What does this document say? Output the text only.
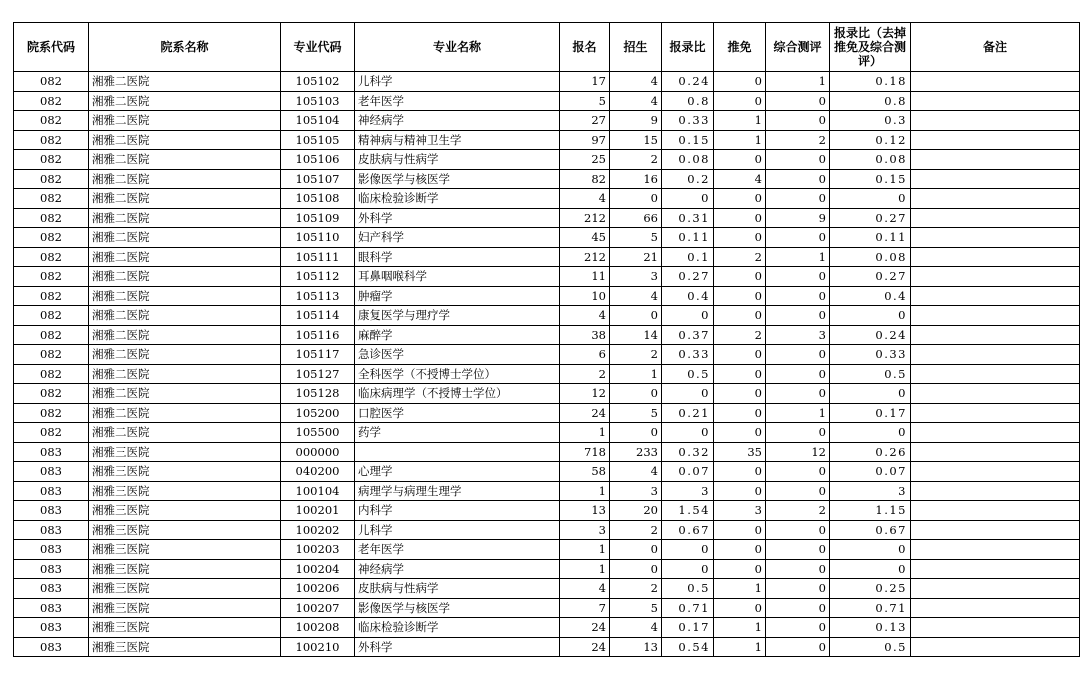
院系代码	院系名称	专业代码	专业名称	报名	招生	报录比	推免	综合测评	报录比（去掉推免及综合测评）	备注
082	湘雅二医院	105102	儿科学	17	4	0.24	0	1	0.18	
082	湘雅二医院	105103	老年医学	5	4	0.8	0	0	0.8	
082	湘雅二医院	105104	神经病学	27	9	0.33	1	0	0.3	
082	湘雅二医院	105105	精神病与精神卫生学	97	15	0.15	1	2	0.12	
082	湘雅二医院	105106	皮肤病与性病学	25	2	0.08	0	0	0.08	
082	湘雅二医院	105107	影像医学与核医学	82	16	0.2	4	0	0.15	
082	湘雅二医院	105108	临床检验诊断学	4	0	0	0	0	0	
082	湘雅二医院	105109	外科学	212	66	0.31	0	9	0.27	
082	湘雅二医院	105110	妇产科学	45	5	0.11	0	0	0.11	
082	湘雅二医院	105111	眼科学	212	21	0.1	2	1	0.08	
082	湘雅二医院	105112	耳鼻咽喉科学	11	3	0.27	0	0	0.27	
082	湘雅二医院	105113	肿瘤学	10	4	0.4	0	0	0.4	
082	湘雅二医院	105114	康复医学与理疗学	4	0	0	0	0	0	
082	湘雅二医院	105116	麻醉学	38	14	0.37	2	3	0.24	
082	湘雅二医院	105117	急诊医学	6	2	0.33	0	0	0.33	
082	湘雅二医院	105127	全科医学（不授博士学位）	2	1	0.5	0	0	0.5	
082	湘雅二医院	105128	临床病理学（不授博士学位）	12	0	0	0	0	0	
082	湘雅二医院	105200	口腔医学	24	5	0.21	0	1	0.17	
082	湘雅二医院	105500	药学	1	0	0	0	0	0	
083	湘雅三医院	000000		718	233	0.32	35	12	0.26	
083	湘雅三医院	040200	心理学	58	4	0.07	0	0	0.07	
083	湘雅三医院	100104	病理学与病理生理学	1	3	3	0	0	3	
083	湘雅三医院	100201	内科学	13	20	1.54	3	2	1.15	
083	湘雅三医院	100202	儿科学	3	2	0.67	0	0	0.67	
083	湘雅三医院	100203	老年医学	1	0	0	0	0	0	
083	湘雅三医院	100204	神经病学	1	0	0	0	0	0	
083	湘雅三医院	100206	皮肤病与性病学	4	2	0.5	1	0	0.25	
083	湘雅三医院	100207	影像医学与核医学	7	5	0.71	0	0	0.71	
083	湘雅三医院	100208	临床检验诊断学	24	4	0.17	1	0	0.13	
083	湘雅三医院	100210	外科学	24	13	0.54	1	0	0.5	
